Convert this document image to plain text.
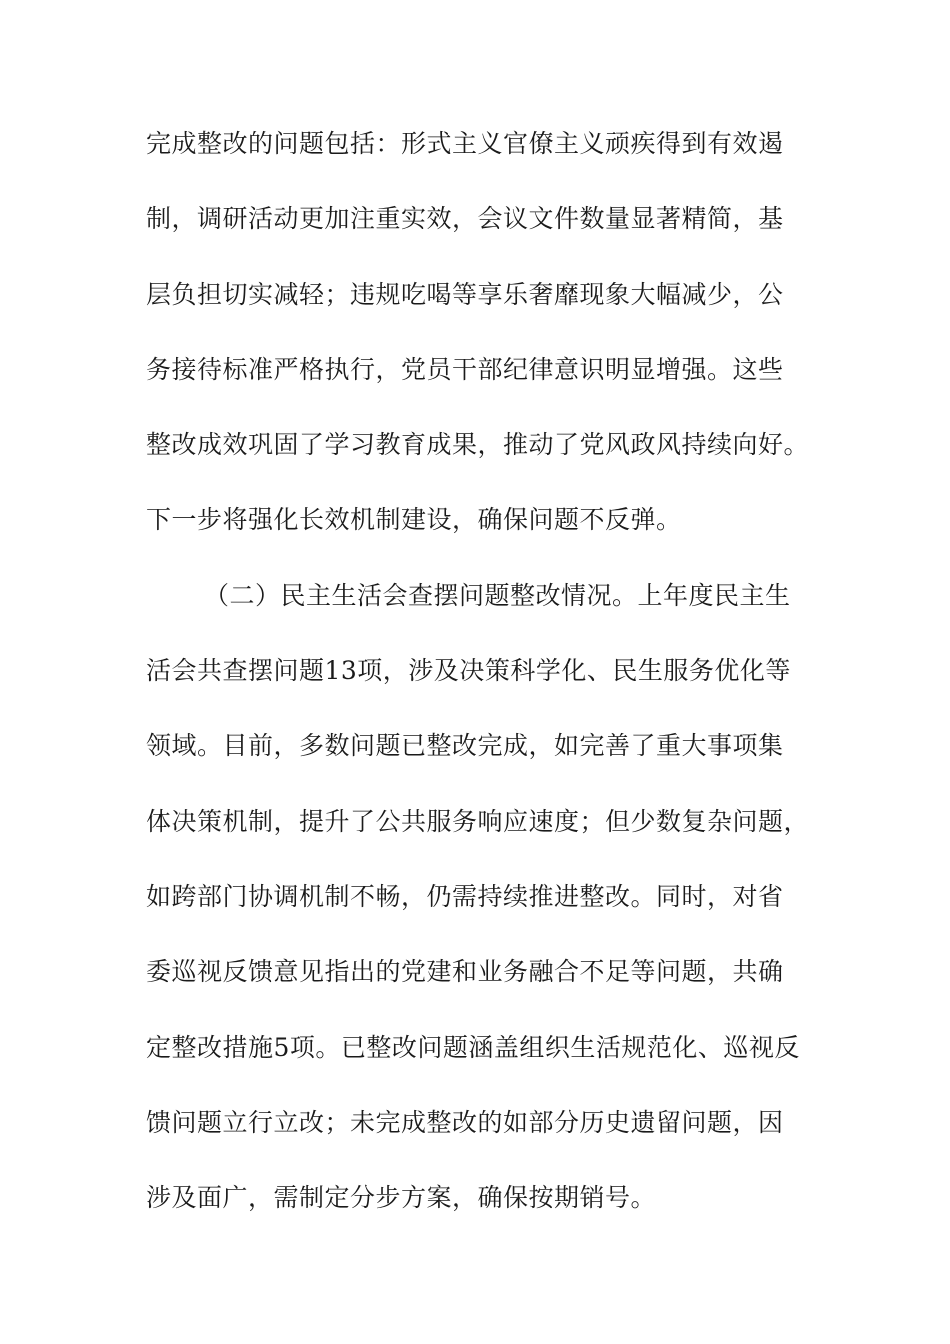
完成整改的问题包括：形式主义官僚主义顽疾得到有效遏
制，调研活动更加注重实效，会议文件数量显著精简，基
层负担切实减轻；违规吃喝等享乐奢靡现象大幅减少，公
务接待标准严格执行，党员干部纪律意识明显增强。这些
整改成效巩固了学习教育成果，推动了党风政风持续向好。
下一步将强化长效机制建设，确保问题不反弹。
（二）民主生活会查摆问题整改情况。上年度民主生
活会共查摆问题13项，涉及决策科学化、民生服务优化等
领域。目前，多数问题已整改完成，如完善了重大事项集
体决策机制，提升了公共服务响应速度；但少数复杂问题，
如跨部门协调机制不畅，仍需持续推进整改。同时，对省
委巡视反馈意见指出的党建和业务融合不足等问题，共确
定整改措施5项。已整改问题涵盖组织生活规范化、巡视反
馈问题立行立改；未完成整改的如部分历史遗留问题，因
涉及面广，需制定分步方案，确保按期销号。
